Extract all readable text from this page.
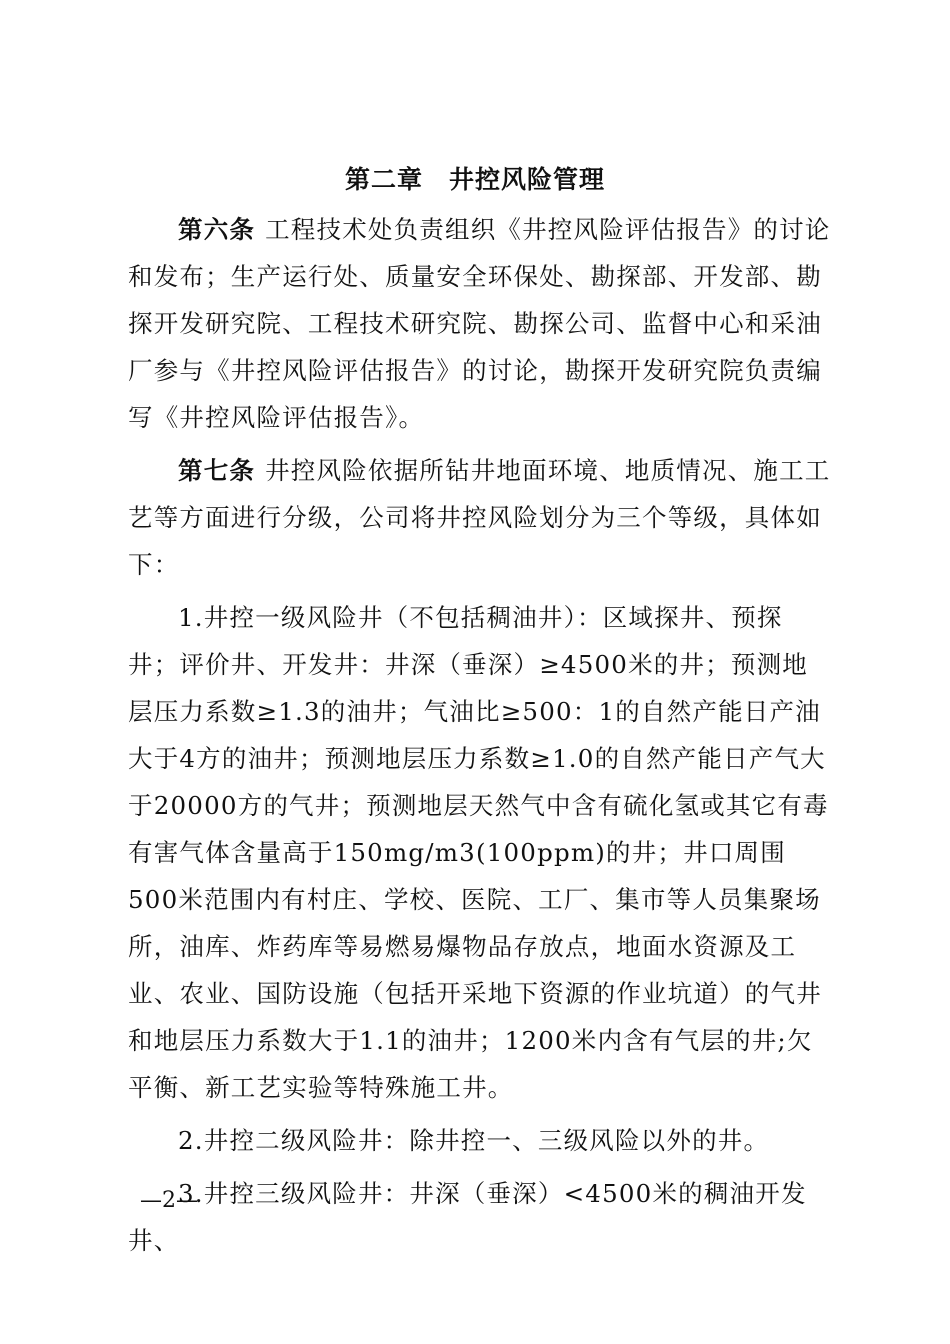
第二章 井控风险管理

第六条 工程技术处负责组织《井控风险评估报告》的讨论和发布；生产运行处、质量安全环保处、勘探部、开发部、勘探开发研究院、工程技术研究院、勘探公司、监督中心和采油厂参与《井控风险评估报告》的讨论，勘探开发研究院负责编写《井控风险评估报告》。

第七条 井控风险依据所钻井地面环境、地质情况、施工工艺等方面进行分级，公司将井控风险划分为三个等级，具体如下：

1.井控一级风险井（不包括稠油井）：区域探井、预探井；评价井、开发井：井深（垂深）≥4500米的井；预测地层压力系数≥1.3的油井；气油比≥500：1的自然产能日产油大于4方的油井；预测地层压力系数≥1.0的自然产能日产气大于20000方的气井；预测地层天然气中含有硫化氢或其它有毒有害气体含量高于150mg/m3(100ppm)的井；井口周围500米范围内有村庄、学校、医院、工厂、集市等人员集聚场所，油库、炸药库等易燃易爆物品存放点，地面水资源及工业、农业、国防设施（包括开采地下资源的作业坑道）的气井和地层压力系数大于1.1的油井；1200米内含有气层的井;欠平衡、新工艺实验等特殊施工井。

2.井控二级风险井：除井控一、三级风险以外的井。

3.井控三级风险井：井深（垂深）<4500米的稠油开发井、

—2—
